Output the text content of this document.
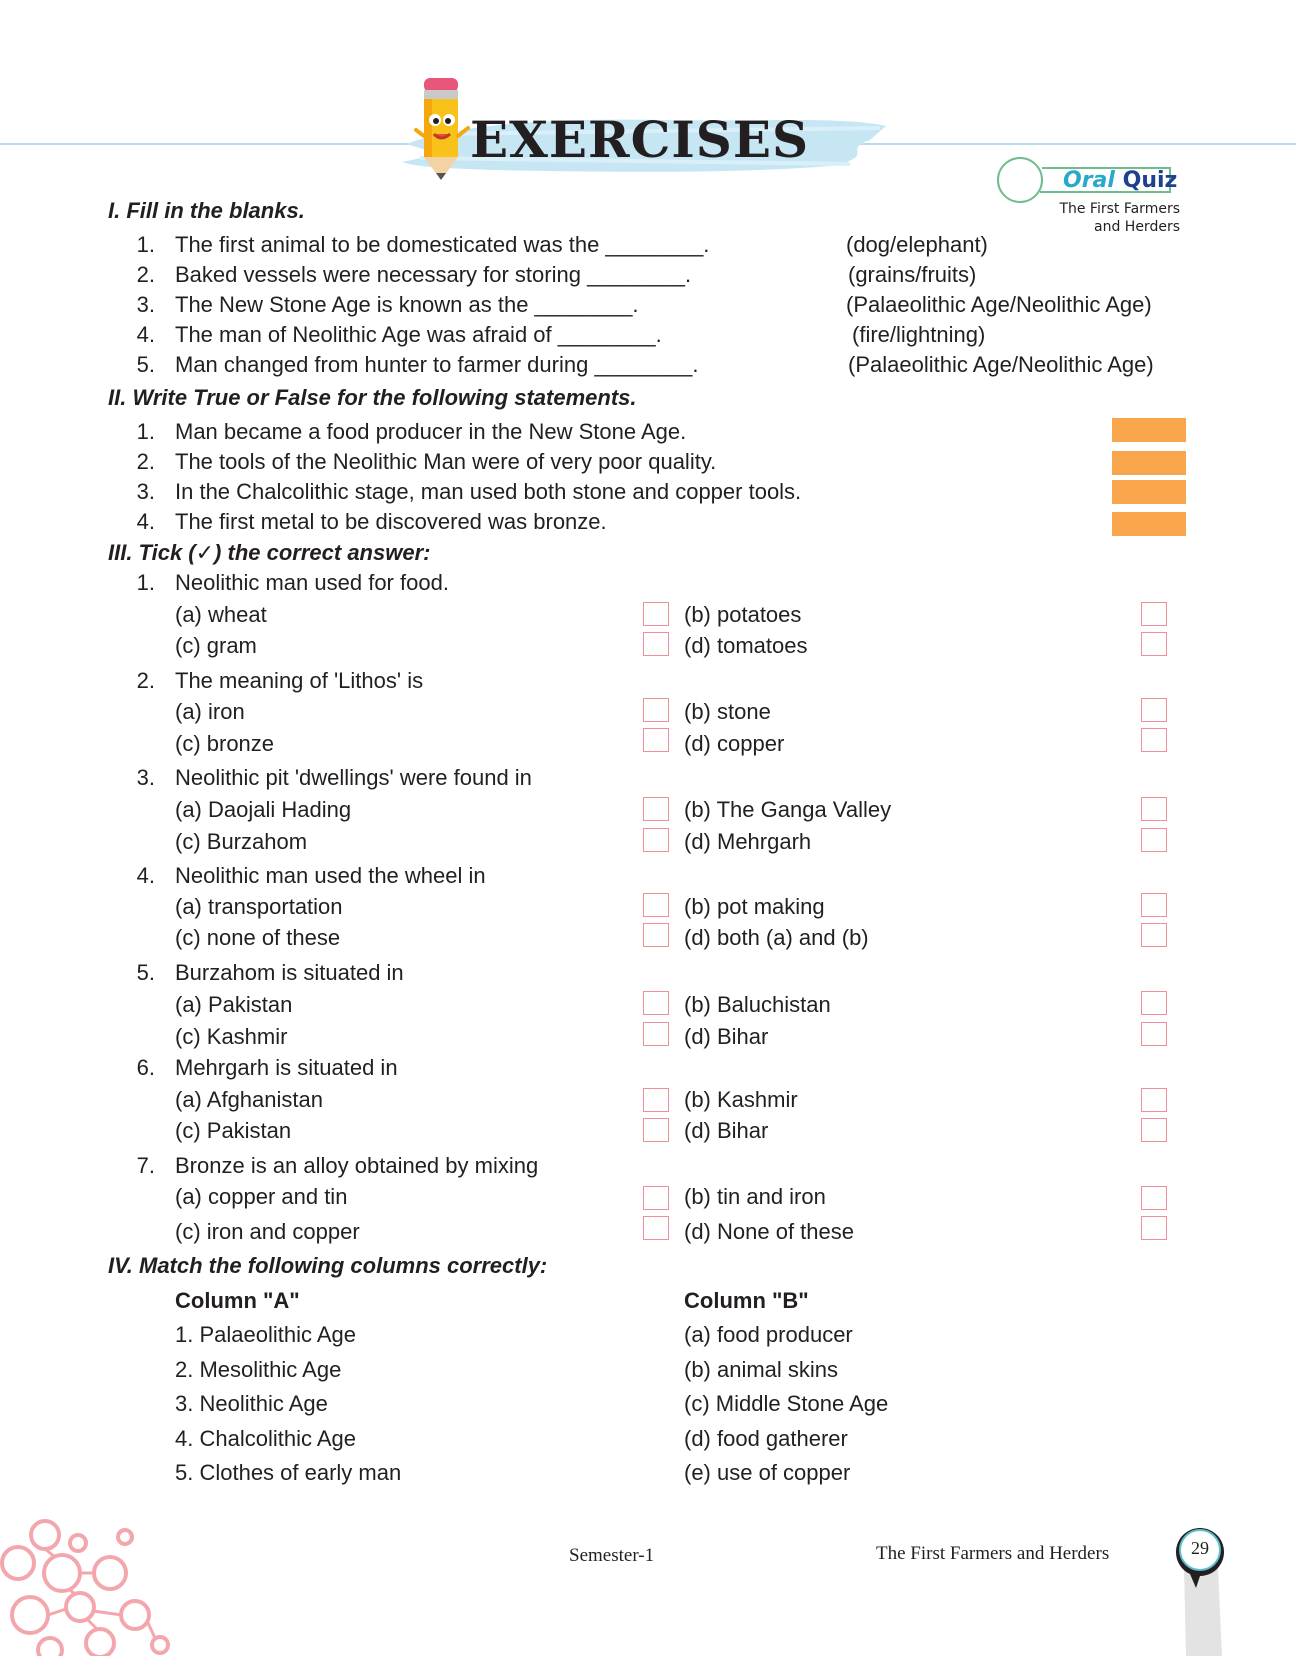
EXERCISES
Oral Quiz
The First Farmers
and Herders
I. Fill in the blanks.
1. The first animal to be domesticated was the ________.	(dog/elephant)
2. Baked vessels were necessary for storing ________.	(grains/fruits)
3. The New Stone Age is known as the ________.	(Palaeolithic Age/Neolithic Age)
4. The man of Neolithic Age was afraid of ________.	(fire/lightning)
5. Man changed from hunter to farmer during ________.	(Palaeolithic Age/Neolithic Age)
II. Write True or False for the following statements.
1. Man became a food producer in the New Stone Age.
2. The tools of the Neolithic Man were of very poor quality.
3. In the Chalcolithic stage, man used both stone and copper tools.
4. The first metal to be discovered was bronze.
III. Tick (✓) the correct answer:
1. Neolithic man used for food.
(a) wheat	(b) potatoes
(c) gram	(d) tomatoes
2. The meaning of 'Lithos' is
(a) iron	(b) stone
(c) bronze	(d) copper
3. Neolithic pit 'dwellings' were found in
(a) Daojali Hading	(b) The Ganga Valley
(c) Burzahom	(d) Mehrgarh
4. Neolithic man used the wheel in
(a) transportation	(b) pot making
(c) none of these	(d) both (a) and (b)
5. Burzahom is situated in
(a) Pakistan	(b) Baluchistan
(c) Kashmir	(d) Bihar
6. Mehrgarh is situated in
(a) Afghanistan	(b) Kashmir
(c) Pakistan	(d) Bihar
7. Bronze is an alloy obtained by mixing
(a) copper and tin	(b) tin and iron
(c) iron and copper	(d) None of these
IV. Match the following columns correctly:
Column "A"	Column "B"
1. Palaeolithic Age	(a) food producer
2. Mesolithic Age	(b) animal skins
3. Neolithic Age	(c) Middle Stone Age
4. Chalcolithic Age	(d) food gatherer
5. Clothes of early man	(e) use of copper
Semester-1	The First Farmers and Herders	29
